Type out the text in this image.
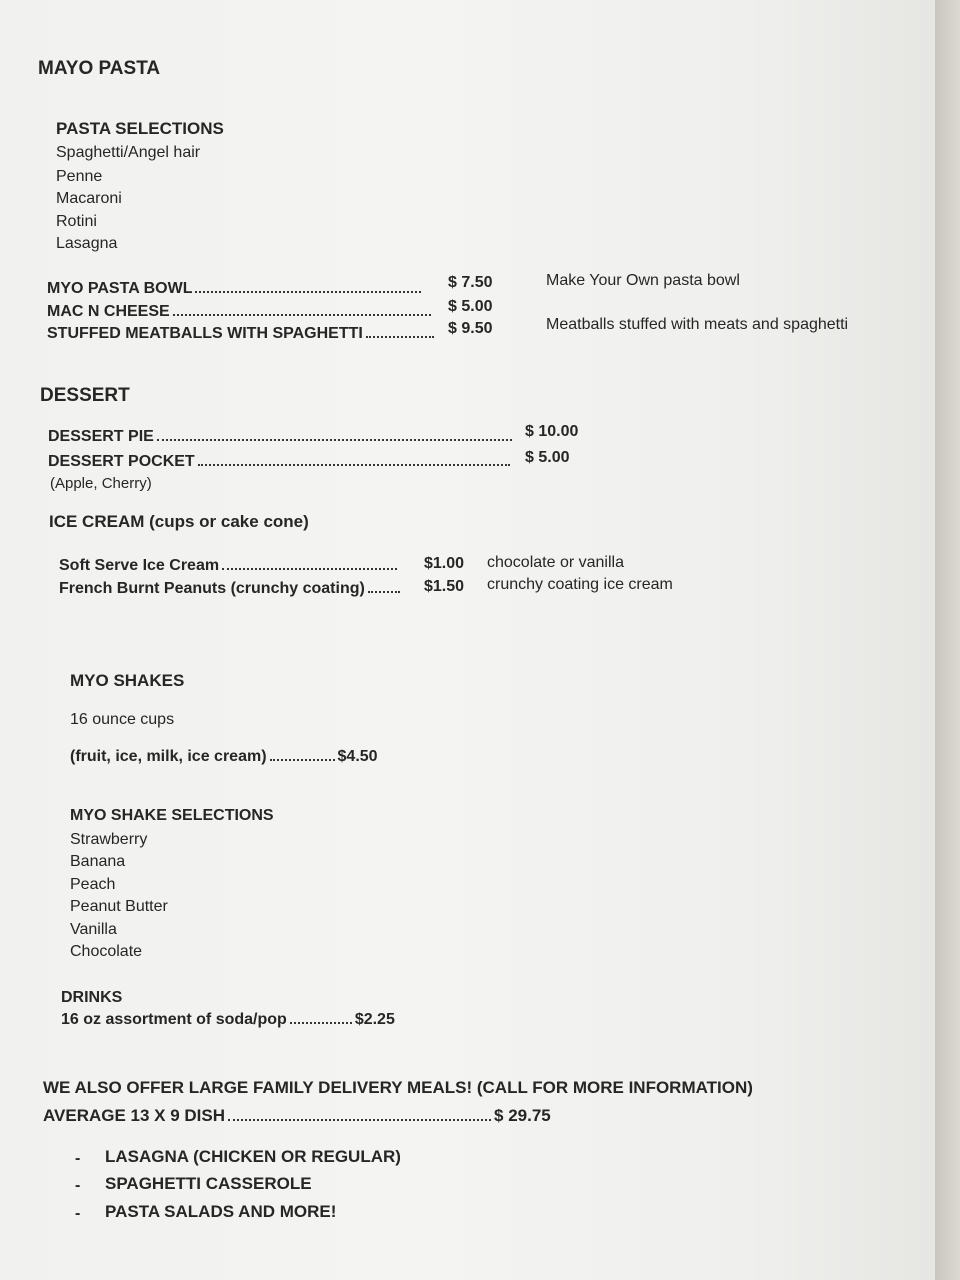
MAYO PASTA
PASTA SELECTIONS
Spaghetti/Angel hair
Penne
Macaroni
Rotini
Lasagna
MYO PASTA BOWL	$ 7.50	Make Your Own pasta bowl
MAC N CHEESE	$ 5.00
STUFFED MEATBALLS WITH SPAGHETTI	$ 9.50	Meatballs stuffed with meats and spaghetti
DESSERT
DESSERT PIE	$ 10.00
DESSERT POCKET	$ 5.00
(Apple, Cherry)
ICE CREAM (cups or cake cone)
Soft Serve Ice Cream	$1.00 chocolate or vanilla
French Burnt Peanuts (crunchy coating)	$1.50 crunchy coating ice cream
MYO SHAKES
16 ounce cups
(fruit, ice, milk, ice cream)	$4.50
MYO SHAKE SELECTIONS
Strawberry
Banana
Peach
Peanut Butter
Vanilla
Chocolate
DRINKS
16 oz assortment of soda/pop	$2.25
WE ALSO OFFER LARGE FAMILY DELIVERY MEALS! (CALL FOR MORE INFORMATION)
AVERAGE 13 X 9 DISH	$ 29.75
- LASAGNA (CHICKEN OR REGULAR)
- SPAGHETTI CASSEROLE
- PASTA SALADS AND MORE!
